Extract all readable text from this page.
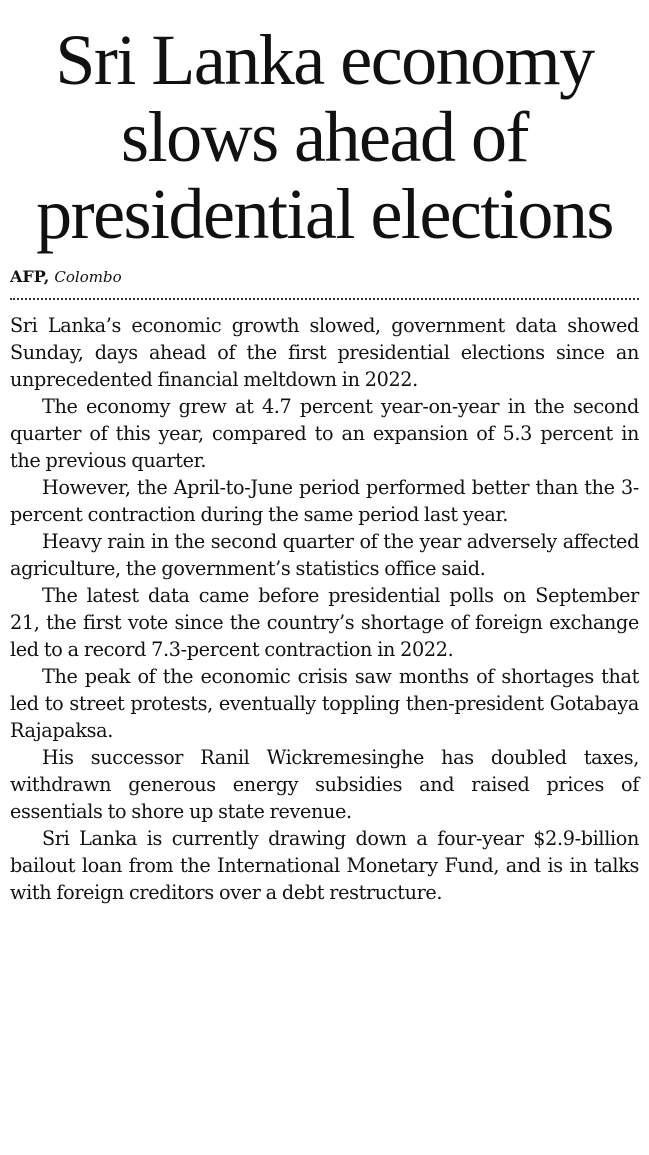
Sri Lanka economy slows ahead of presidential elections
AFP, Colombo

Sri Lanka’s economic growth slowed, government data showed Sunday, days ahead of the first presidential elections since an unprecedented financial meltdown in 2022.

The economy grew at 4.7 percent year-on-year in the second quarter of this year, compared to an expansion of 5.3 percent in the previous quarter.

However, the April-to-June period performed better than the 3-percent contraction during the same period last year.

Heavy rain in the second quarter of the year adversely affected agriculture, the government’s statistics office said.

The latest data came before presidential polls on September 21, the first vote since the country’s shortage of foreign exchange led to a record 7.3-percent contraction in 2022.

The peak of the economic crisis saw months of shortages that led to street protests, eventually toppling then-president Gotabaya Rajapaksa.

His successor Ranil Wickremesinghe has doubled taxes, withdrawn generous energy subsidies and raised prices of essentials to shore up state revenue.

Sri Lanka is currently drawing down a four-year $2.9-billion bailout loan from the International Monetary Fund, and is in talks with foreign creditors over a debt restructure.
